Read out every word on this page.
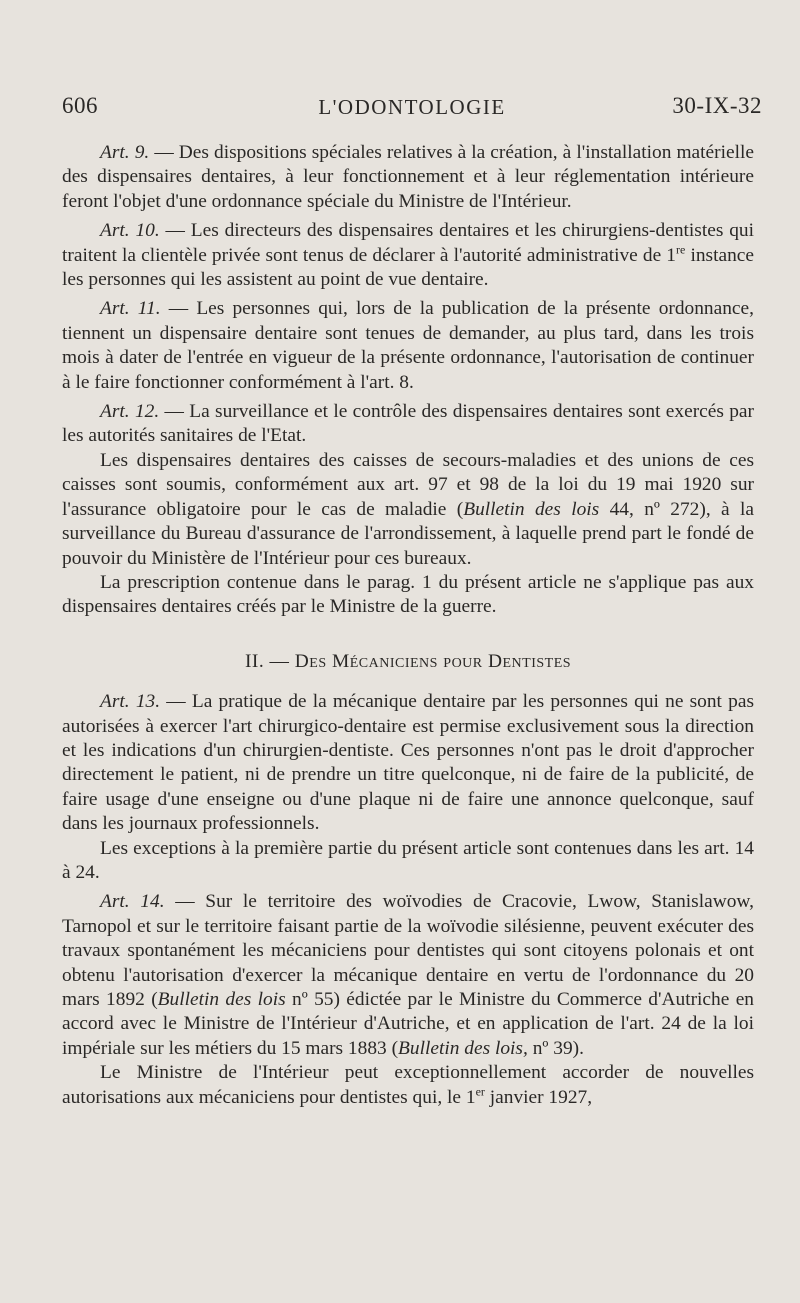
606	L'ODONTOLOGIE	30-IX-32

Art. 9. — Des dispositions spéciales relatives à la création, à l'installation matérielle des dispensaires dentaires, à leur fonctionnement et à leur réglementation intérieure feront l'objet d'une ordonnance spéciale du Ministre de l'Intérieur.

Art. 10. — Les directeurs des dispensaires dentaires et les chirurgiens-dentistes qui traitent la clientèle privée sont tenus de déclarer à l'autorité administrative de 1re instance les personnes qui les assistent au point de vue dentaire.

Art. 11. — Les personnes qui, lors de la publication de la présente ordonnance, tiennent un dispensaire dentaire sont tenues de demander, au plus tard, dans les trois mois à dater de l'entrée en vigueur de la présente ordonnance, l'autorisation de continuer à le faire fonctionner conformément à l'art. 8.

Art. 12. — La surveillance et le contrôle des dispensaires dentaires sont exercés par les autorités sanitaires de l'Etat.

Les dispensaires dentaires des caisses de secours-maladies et des unions de ces caisses sont soumis, conformément aux art. 97 et 98 de la loi du 19 mai 1920 sur l'assurance obligatoire pour le cas de maladie (Bulletin des lois 44, nº 272), à la surveillance du Bureau d'assurance de l'arrondissement, à laquelle prend part le fondé de pouvoir du Ministère de l'Intérieur pour ces bureaux.

La prescription contenue dans le parag. 1 du présent article ne s'applique pas aux dispensaires dentaires créés par le Ministre de la guerre.

II. — Des Mécaniciens pour Dentistes

Art. 13. — La pratique de la mécanique dentaire par les personnes qui ne sont pas autorisées à exercer l'art chirurgico-dentaire est permise exclusivement sous la direction et les indications d'un chirurgien-dentiste. Ces personnes n'ont pas le droit d'approcher directement le patient, ni de prendre un titre quelconque, ni de faire de la publicité, de faire usage d'une enseigne ou d'une plaque ni de faire une annonce quelconque, sauf dans les journaux professionnels.

Les exceptions à la première partie du présent article sont contenues dans les art. 14 à 24.

Art. 14. — Sur le territoire des woïvodies de Cracovie, Lwow, Stanislawow, Tarnopol et sur le territoire faisant partie de la woïvodie silésienne, peuvent exécuter des travaux spontanément les mécaniciens pour dentistes qui sont citoyens polonais et ont obtenu l'autorisation d'exercer la mécanique dentaire en vertu de l'ordonnance du 20 mars 1892 (Bulletin des lois nº 55) édictée par le Ministre du Commerce d'Autriche en accord avec le Ministre de l'Intérieur d'Autriche, et en application de l'art. 24 de la loi impériale sur les métiers du 15 mars 1883 (Bulletin des lois, nº 39).

Le Ministre de l'Intérieur peut exceptionnellement accorder de nouvelles autorisations aux mécaniciens pour dentistes qui, le 1er janvier 1927,
